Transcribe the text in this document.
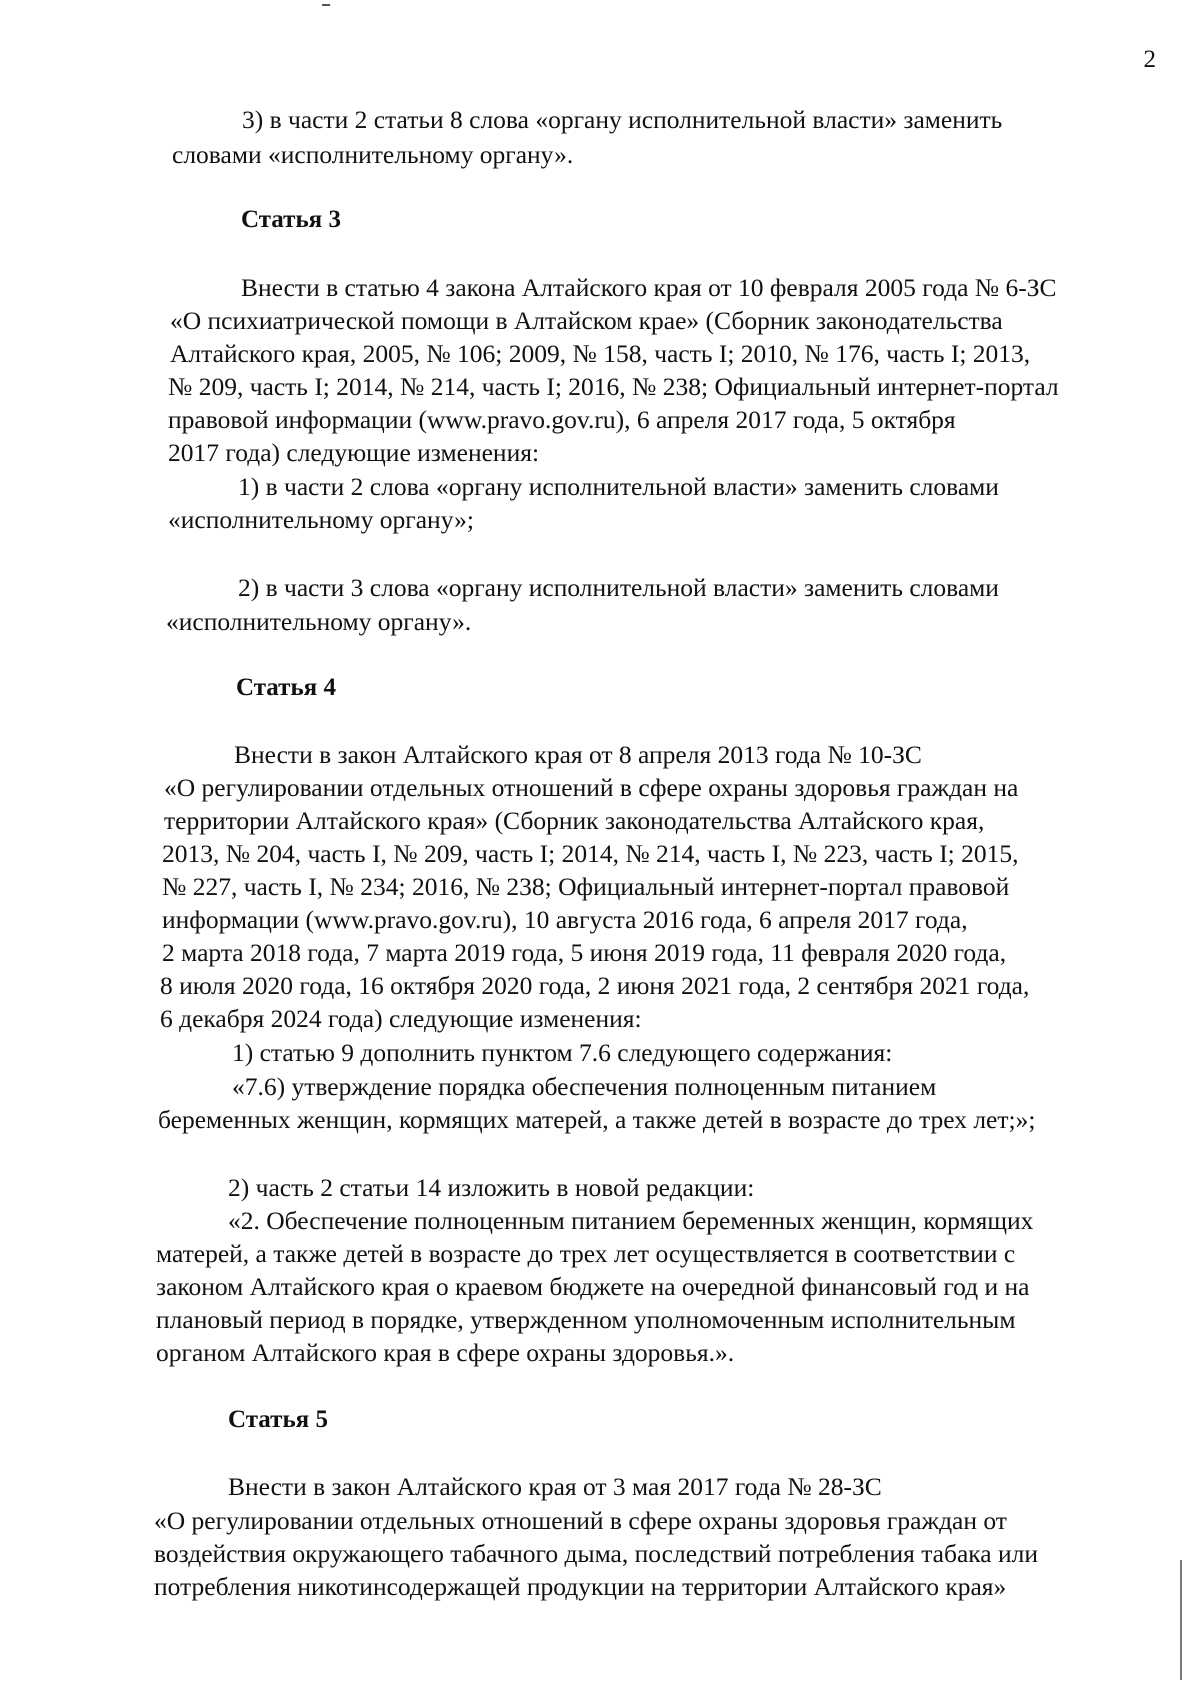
2
3) в части 2 статьи 8 слова «органу исполнительной власти» заменить
словами «исполнительному органу».
Статья 3
Внести в статью 4 закона Алтайского края от 10 февраля 2005 года № 6-ЗС
«О психиатрической помощи в Алтайском крае» (Сборник законодательства
Алтайского края, 2005, № 106; 2009, № 158, часть I; 2010, № 176, часть I; 2013,
№ 209, часть I; 2014, № 214, часть I; 2016, № 238; Официальный интернет-портал
правовой информации (www.pravo.gov.ru), 6 апреля 2017 года, 5 октября
2017 года) следующие изменения:
1) в части 2 слова «органу исполнительной власти» заменить словами
«исполнительному органу»;
2) в части 3 слова «органу исполнительной власти» заменить словами
«исполнительному органу».
Статья 4
Внести в закон Алтайского края от 8 апреля 2013 года № 10-ЗС
«О регулировании отдельных отношений в сфере охраны здоровья граждан на
территории Алтайского края» (Сборник законодательства Алтайского края,
2013, № 204, часть I, № 209, часть I; 2014, № 214, часть I, № 223, часть I; 2015,
№ 227, часть I, № 234; 2016, № 238; Официальный интернет-портал правовой
информации (www.pravo.gov.ru), 10 августа 2016 года, 6 апреля 2017 года,
2 марта 2018 года, 7 марта 2019 года, 5 июня 2019 года, 11 февраля 2020 года,
8 июля 2020 года, 16 октября 2020 года, 2 июня 2021 года, 2 сентября 2021 года,
6 декабря 2024 года) следующие изменения:
1) статью 9 дополнить пунктом 7.6 следующего содержания:
«7.6) утверждение порядка обеспечения полноценным питанием
беременных женщин, кормящих матерей, а также детей в возрасте до трех лет;»;
2) часть 2 статьи 14 изложить в новой редакции:
«2. Обеспечение полноценным питанием беременных женщин, кормящих
матерей, а также детей в возрасте до трех лет осуществляется в соответствии с
законом Алтайского края о краевом бюджете на очередной финансовый год и на
плановый период в порядке, утвержденном уполномоченным исполнительным
органом Алтайского края в сфере охраны здоровья.».
Статья 5
Внести в закон Алтайского края от 3 мая 2017 года № 28-ЗС
«О регулировании отдельных отношений в сфере охраны здоровья граждан от
воздействия окружающего табачного дыма, последствий потребления табака или
потребления никотинсодержащей продукции на территории Алтайского края»
